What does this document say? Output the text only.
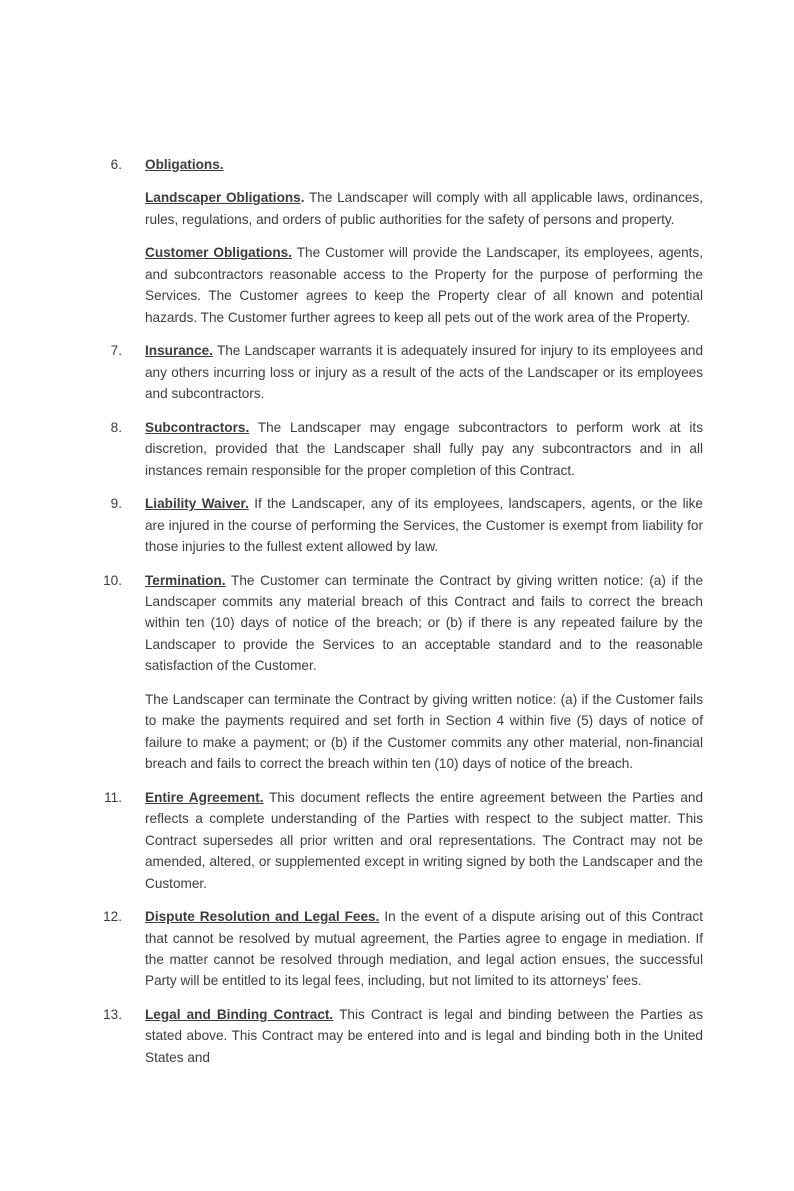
6. Obligations.

Landscaper Obligations. The Landscaper will comply with all applicable laws, ordinances, rules, regulations, and orders of public authorities for the safety of persons and property.

Customer Obligations. The Customer will provide the Landscaper, its employees, agents, and subcontractors reasonable access to the Property for the purpose of performing the Services. The Customer agrees to keep the Property clear of all known and potential hazards. The Customer further agrees to keep all pets out of the work area of the Property.

7. Insurance. The Landscaper warrants it is adequately insured for injury to its employees and any others incurring loss or injury as a result of the acts of the Landscaper or its employees and subcontractors.

8. Subcontractors. The Landscaper may engage subcontractors to perform work at its discretion, provided that the Landscaper shall fully pay any subcontractors and in all instances remain responsible for the proper completion of this Contract.

9. Liability Waiver. If the Landscaper, any of its employees, landscapers, agents, or the like are injured in the course of performing the Services, the Customer is exempt from liability for those injuries to the fullest extent allowed by law.

10. Termination. The Customer can terminate the Contract by giving written notice: (a) if the Landscaper commits any material breach of this Contract and fails to correct the breach within ten (10) days of notice of the breach; or (b) if there is any repeated failure by the Landscaper to provide the Services to an acceptable standard and to the reasonable satisfaction of the Customer.

The Landscaper can terminate the Contract by giving written notice: (a) if the Customer fails to make the payments required and set forth in Section 4 within five (5) days of notice of failure to make a payment; or (b) if the Customer commits any other material, non-financial breach and fails to correct the breach within ten (10) days of notice of the breach.

11. Entire Agreement. This document reflects the entire agreement between the Parties and reflects a complete understanding of the Parties with respect to the subject matter. This Contract supersedes all prior written and oral representations. The Contract may not be amended, altered, or supplemented except in writing signed by both the Landscaper and the Customer.

12. Dispute Resolution and Legal Fees. In the event of a dispute arising out of this Contract that cannot be resolved by mutual agreement, the Parties agree to engage in mediation. If the matter cannot be resolved through mediation, and legal action ensues, the successful Party will be entitled to its legal fees, including, but not limited to its attorneys’ fees.

13. Legal and Binding Contract. This Contract is legal and binding between the Parties as stated above. This Contract may be entered into and is legal and binding both in the United States and
